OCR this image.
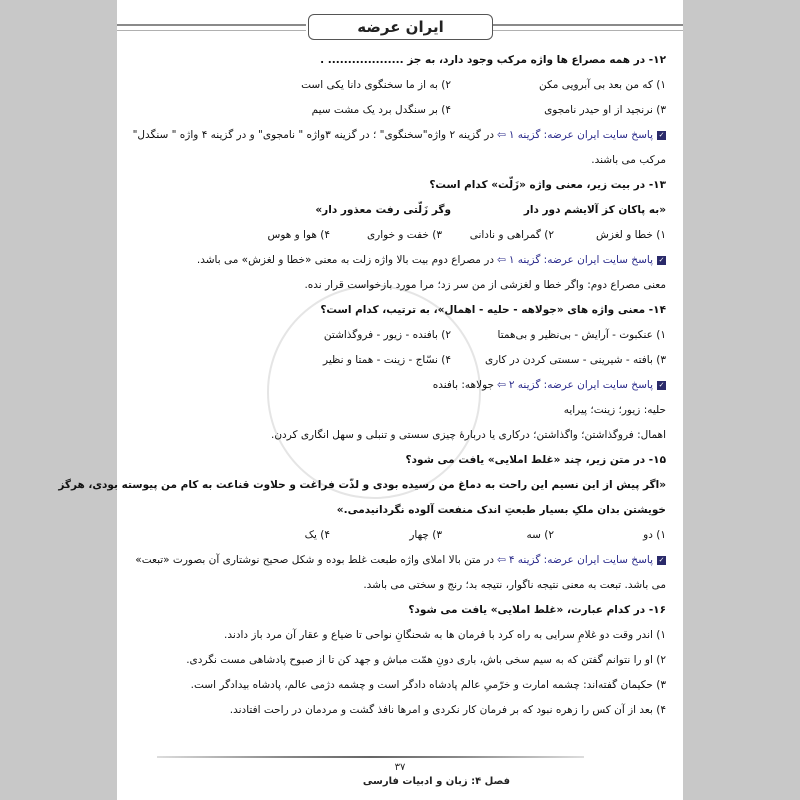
ایران عرضه
۱۲- در همه مصراع ها واژه مرکب وجود دارد، به جز ................... .
۱) که من بعد بی آبرویی مکن
۲) به از ما سخنگوی دانا یکی است
۳) نرنجید از او حیدر نامجوی
۴) بر سنگدل برد یک مشت سیم
✓پاسخ سایت ایران عرضه: گزینه ۱⇦در گزینه ۲ واژه"سخنگوی" ؛ در گزینه ۳واژه " نامجوی" و در گزینه ۴ واژه " سنگدل"
مرکب می باشند.
۱۳- در بیت زیر، معنی واژه «زَلّت» کدام است؟
«به پاکان کز آلایشم دور دار
وگر زَلّتی رفت معذور دار»
۱) خطا و لغزش
۲) گمراهی و نادانی
۳) خفت و خواری
۴) هوا و هوس
✓پاسخ سایت ایران عرضه: گزینه ۱⇦در مصراع دوم بیت بالا واژه زلت به معنی «خطا و لغزش» می باشد.
معنی مصراع دوم: واگر خطا و لغزشی از من سر زد؛ مرا مورد بازخواست قرار نده.
۱۴- معنی واژه های «جولاهه - حلیه - اهمال»، به ترتیب، کدام است؟
۱) عنکبوت - آرایش - بی‌نظیر و بی‌همتا
۲) بافنده - زیور - فروگذاشتن
۳) بافته - شیرینی - سستی کردن در کاری
۴) نسّاج - زینت - همتا و نظیر
✓پاسخ سایت ایران عرضه: گزینه ۲⇦جولاهه: بافنده
حلیه: زیور؛ زینت؛ پیرایه
اهمال: فروگذاشتن؛ واگذاشتن؛ درکاری یا دربارهٔ چیزی سستی و تنبلی و سهل انگاری کردن.
۱۵- در متن زیر، چند «غلط املایی» یافت می شود؟
«اگر پیش از این نسیم این راحت به دماغ من رسیده بودی و لذّت فراغت و حلاوت قناعت به کام من پیوسته بودی، هرگز
خویشتن بدان ملکِ بسیار طبعتِ اندک منفعت آلوده نگردانیدمی.»
۱) دو
۲) سه
۳) چهار
۴) یک
✓پاسخ سایت ایران عرضه: گزینه ۴⇦در متن بالا املای واژه طبعت غلط بوده و شکل صحیح نوشتاری آن بصورت «تبعت»
می باشد. تبعت به معنی نتیجه ناگوار، نتیجه بد؛ رنج و سختی می باشد.
۱۶- در کدام عبارت، «غلط املایی» یافت می شود؟
۱) اندر وقت دو غلامِ سرایی به راه کرد با فرمان ها به شحنگانِ نواحی تا ضیاع و عقار آن مرد باز دادند.
۲) او را نتوانم گفتن که به سیم سخی باش، باری دونِ همّت مباش و جهد کن تا از صبوح پادشاهی مست نگردی.
۳) حکیمان گفته‌اند: چشمه امارت و خرّمیِ عالم پادشاه دادگر است و چشمه دژمی عالم، پادشاه بیدادگر است.
۴) بعد از آن کس را زهره نبود که بر فرمان کار نکردی و امرها نافذ گشت و مردمان در راحت افتادند.
۳۷
فصل ۴: زبان و ادبیات فارسی
